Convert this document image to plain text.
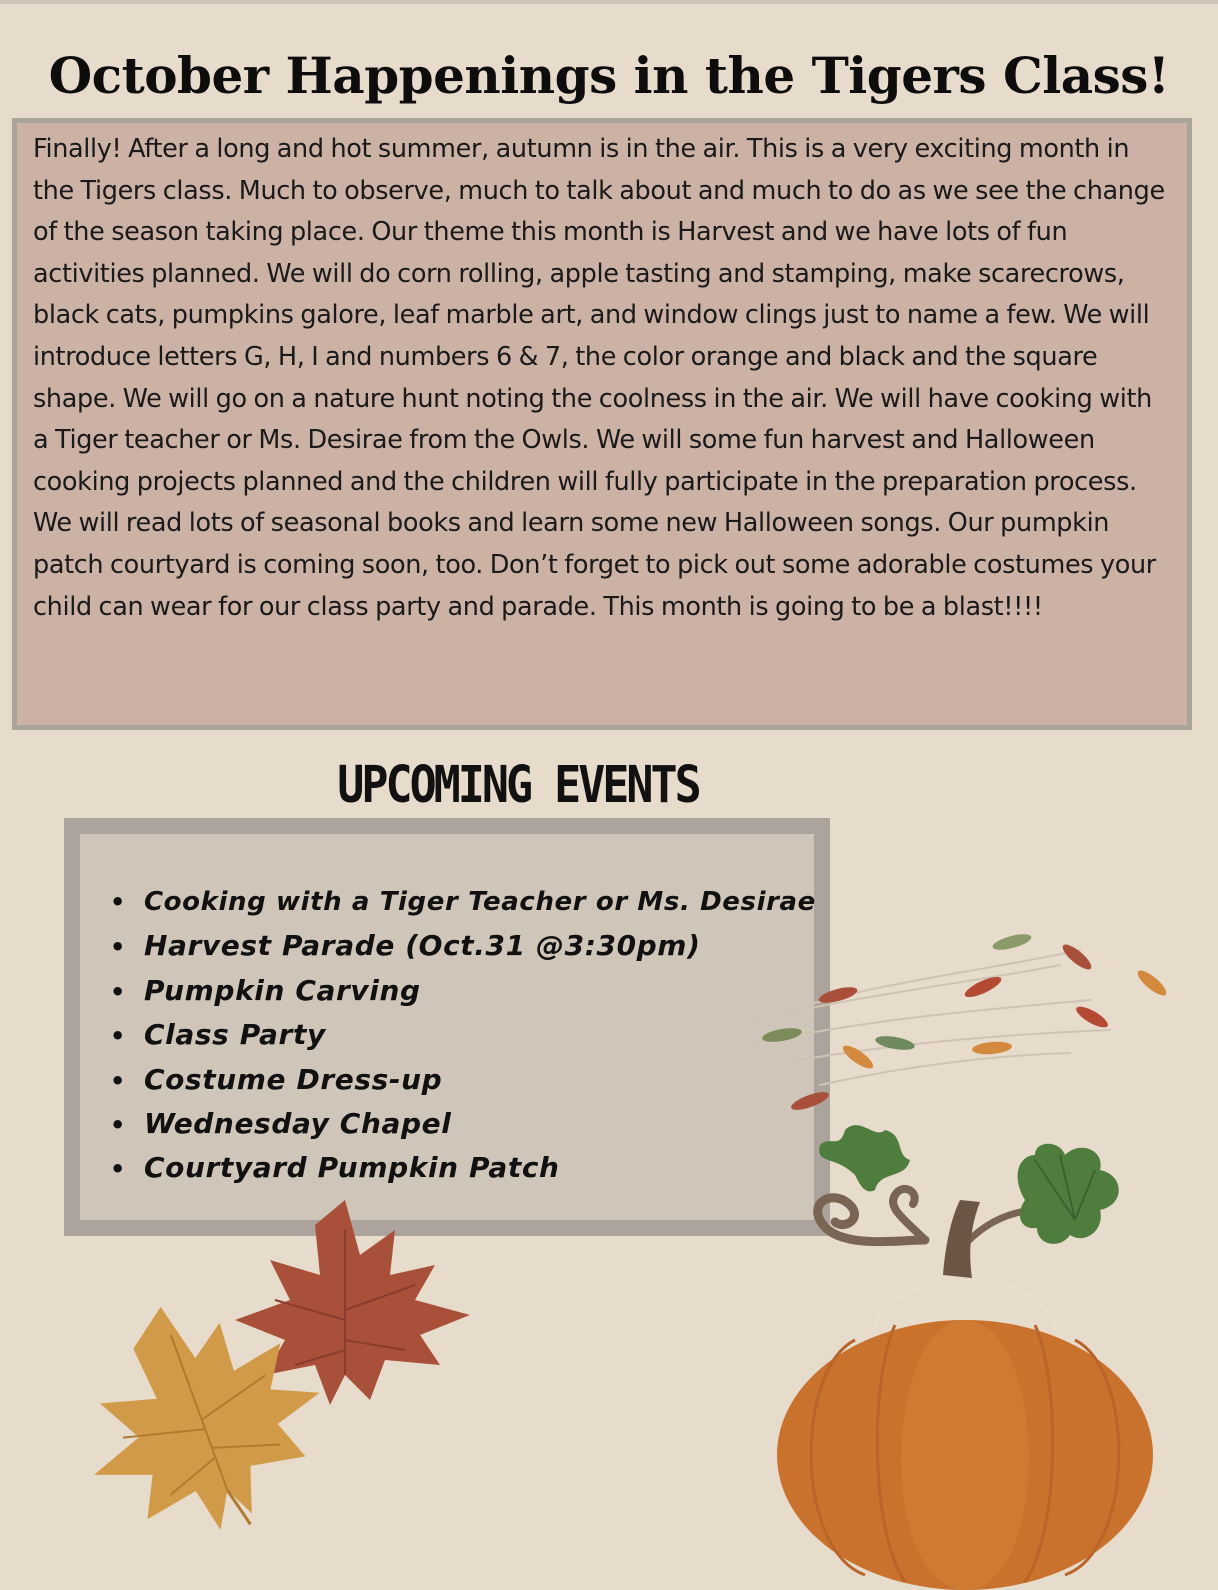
October Happenings in the Tigers Class!

Finally! After a long and hot summer, autumn is in the air. This is a very exciting month in the Tigers class. Much to observe, much to talk about and much to do as we see the change of the season taking place. Our theme this month is Harvest and we have lots of fun activities planned. We will do corn rolling, apple tasting and stamping, make scarecrows, black cats, pumpkins galore, leaf marble art, and window clings just to name a few. We will introduce letters G, H, I and numbers 6 & 7, the color orange and black and the square shape. We will go on a nature hunt noting the coolness in the air. We will have cooking with a Tiger teacher or Ms. Desirae from the Owls. We will some fun harvest and Halloween cooking projects planned and the children will fully participate in the preparation process. We will read lots of seasonal books and learn some new Halloween songs. Our pumpkin patch courtyard is coming soon, too. Don’t forget to pick out some adorable costumes your child can wear for our class party and parade. This month is going to be a blast!!!!

UPCOMING EVENTS
• Cooking with a Tiger Teacher or Ms. Desirae
• Harvest Parade (Oct.31 @3:30pm)
• Pumpkin Carving
• Class Party
• Costume Dress-up
• Wednesday Chapel
• Courtyard Pumpkin Patch
